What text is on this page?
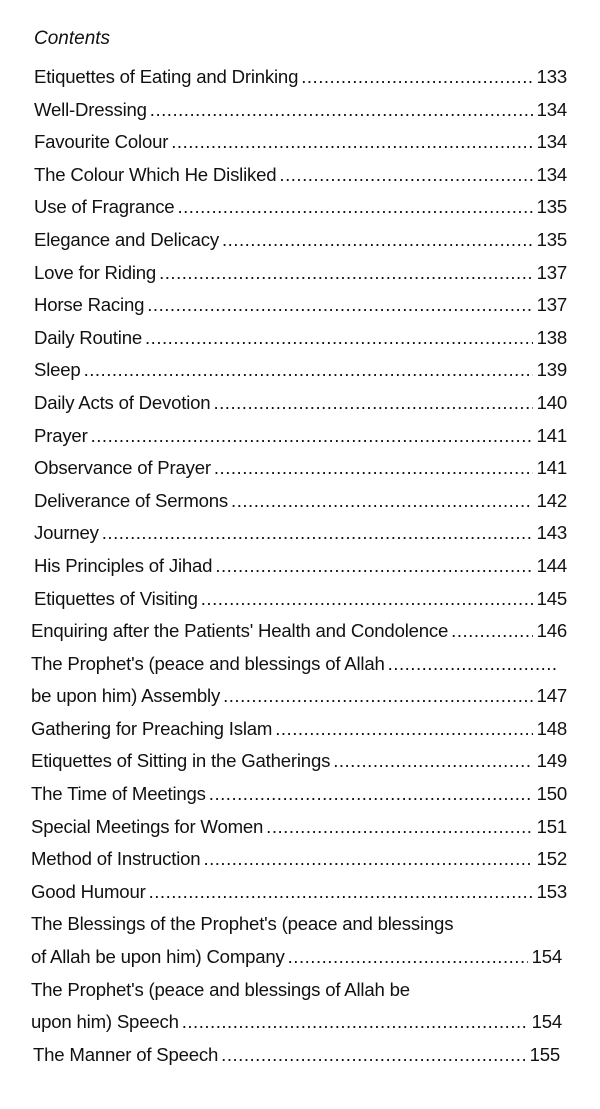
Contents
Etiquettes of Eating and Drinking .....	133
Well-Dressing .....	134
Favourite Colour .....	134
The Colour Which He Disliked .....	134
Use of Fragrance .....	135
Elegance and Delicacy .....	135
Love for Riding .....	137
Horse Racing .....	137
Daily Routine .....	138
Sleep .....	139
Daily Acts of Devotion .....	140
Prayer .....	141
Observance of Prayer .....	141
Deliverance of Sermons .....	142
Journey .....	143
His Principles of Jihad .....	144
Etiquettes of Visiting .....	145
Enquiring after the Patients' Health and Condolence .....	146
The Prophet's (peace and blessings of Allah
.....
be upon him) Assembly .....	147
Gathering for Preaching Islam .....	148
Etiquettes of Sitting in the Gatherings .....	149
The Time of Meetings .....	150
Special Meetings for Women .....	151
Method of Instruction .....	152
Good Humour .....	153
The Blessings of the Prophet's (peace and blessings
of Allah be upon him) Company .....	154
The Prophet's (peace and blessings of Allah be
upon him) Speech .....	154
The Manner of Speech .....	155
